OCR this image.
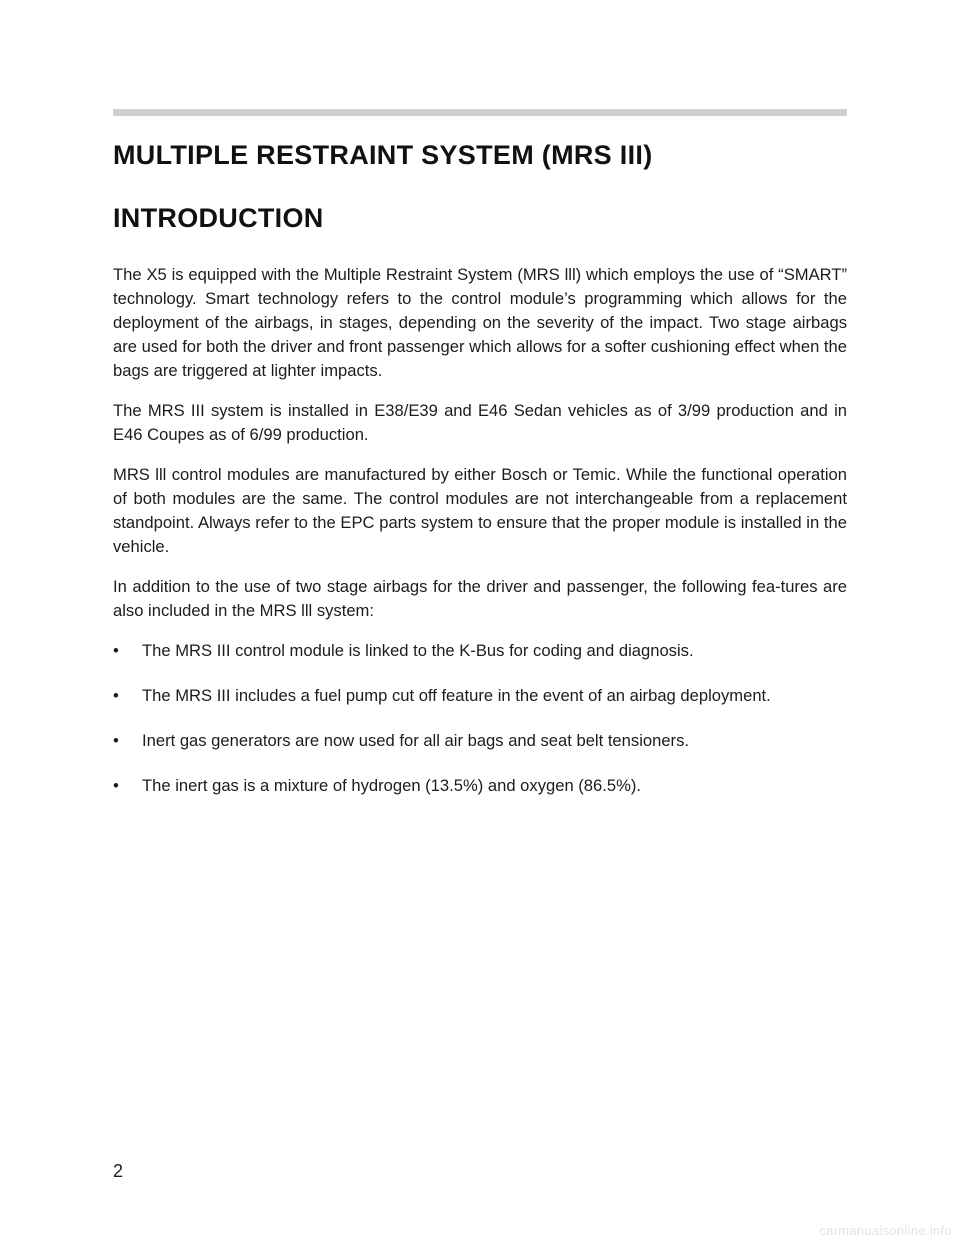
MULTIPLE RESTRAINT SYSTEM (MRS III)
INTRODUCTION

The X5 is equipped with the Multiple Restraint System (MRS lll) which employs the use of “SMART” technology. Smart technology refers to the control module’s programming which allows for the deployment of the airbags, in stages, depending on the severity of the impact. Two stage airbags are used for both the driver and front passenger which allows for a softer cushioning effect when the bags are triggered at lighter impacts.

The MRS III system is installed in E38/E39 and E46 Sedan vehicles as of 3/99 production and in E46 Coupes as of 6/99 production.

MRS lll control modules are manufactured by either Bosch or Temic. While the functional operation of both modules are the same. The control modules are not interchangeable from a replacement standpoint. Always refer to the EPC parts system to ensure that the proper module is installed in the vehicle.

In addition to the use of two stage airbags for the driver and passenger, the following fea-tures are also included in the MRS lll system:

• The MRS III control module is linked to the K-Bus for coding and diagnosis.
• The MRS III includes a fuel pump cut off feature in the event of an airbag deployment.
• Inert gas generators are now used for all air bags and seat belt tensioners.
• The inert gas is a mixture of hydrogen (13.5%) and oxygen (86.5%).
2
carmanualsonline.info
